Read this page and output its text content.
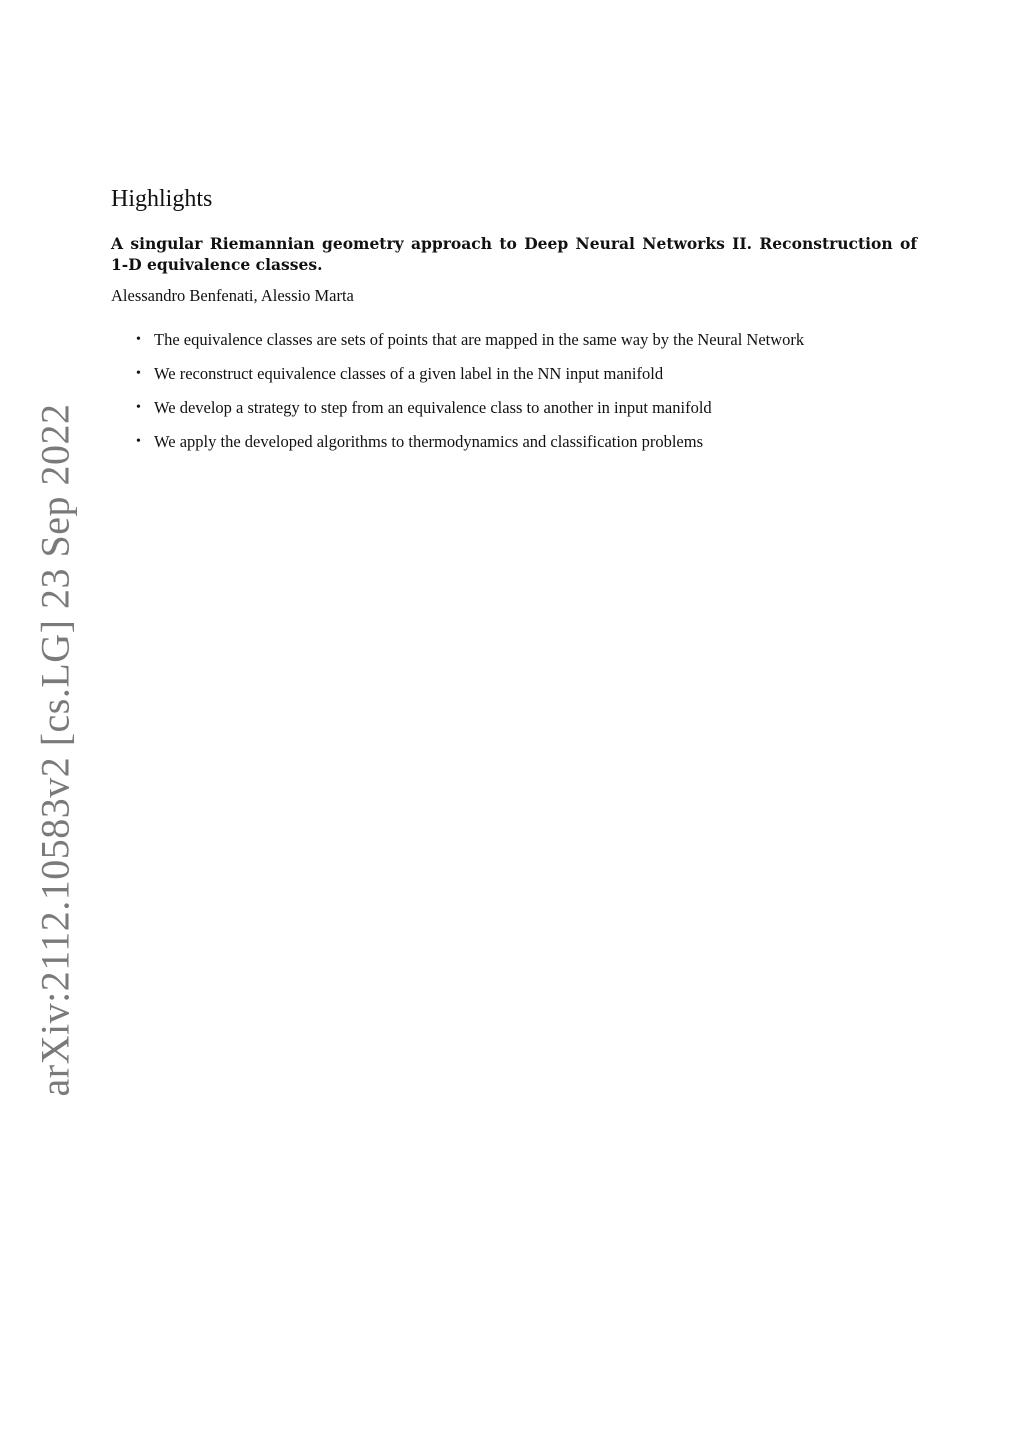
arXiv:2112.10583v2 [cs.LG] 23 Sep 2022
Highlights
A singular Riemannian geometry approach to Deep Neural Networks II. Reconstruction of 1-D equivalence classes.
Alessandro Benfenati, Alessio Marta
• The equivalence classes are sets of points that are mapped in the same way by the Neural Network
• We reconstruct equivalence classes of a given label in the NN input manifold
• We develop a strategy to step from an equivalence class to another in input manifold
• We apply the developed algorithms to thermodynamics and classification problems
